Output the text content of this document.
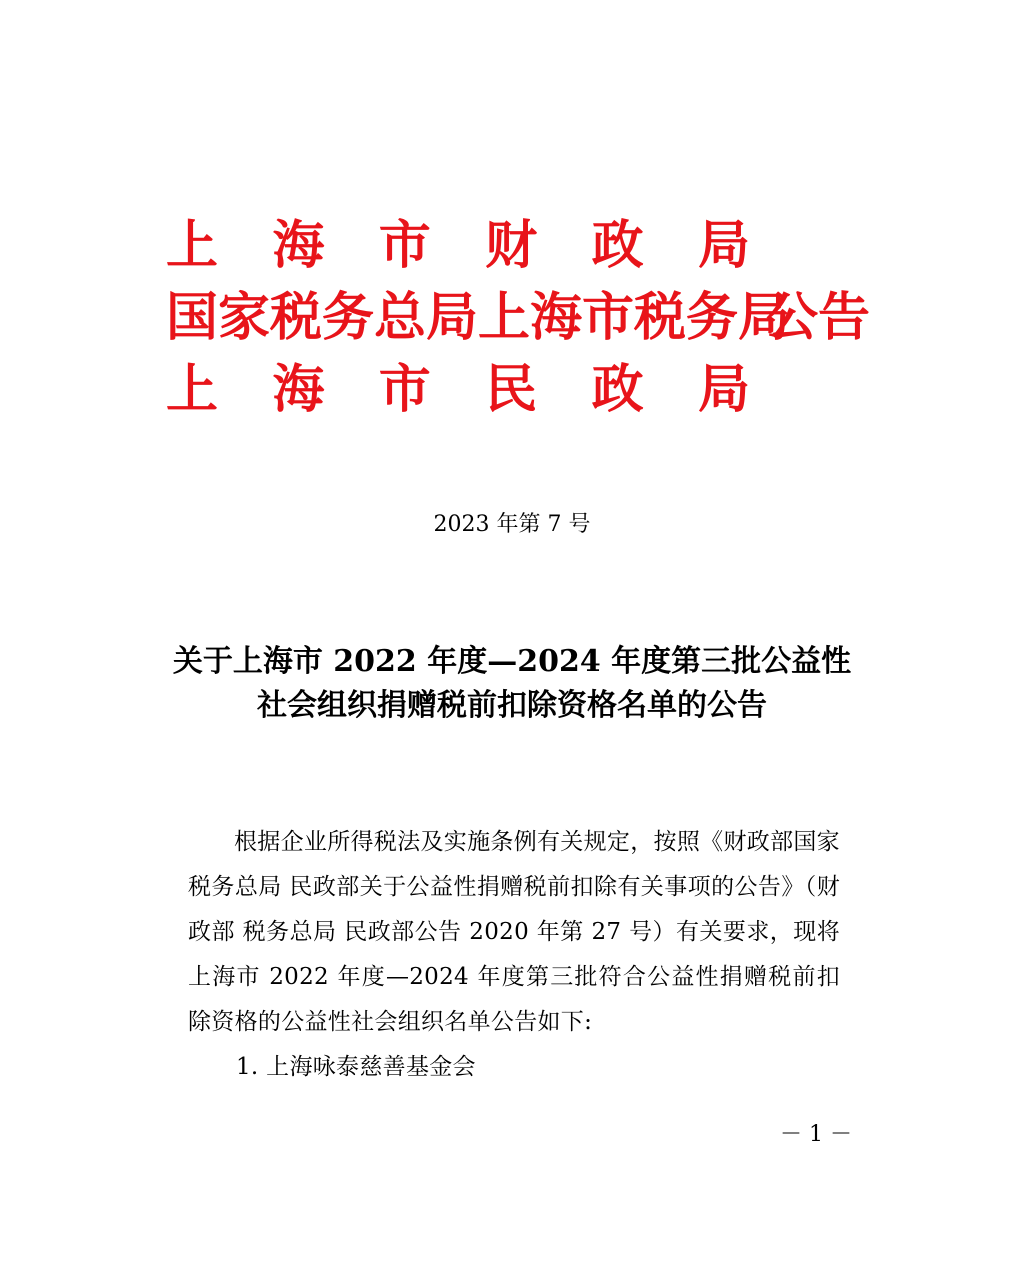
上 海 市 财 政 局
国家税务总局上海市税务局
公告
上 海 市 民 政 局
2023 年第 7 号
关于上海市 2022 年度—2024 年度第三批公益性
社会组织捐赠税前扣除资格名单的公告

根据企业所得税法及实施条例有关规定，按照《财政部国家税务总局 民政部关于公益性捐赠税前扣除有关事项的公告》（财政部 税务总局 民政部公告 2020 年第 27 号）有关要求，现将上海市 2022 年度—2024 年度第三批符合公益性捐赠税前扣除资格的公益性社会组织名单公告如下:

1. 上海咏泰慈善基金会

－ 1 －
